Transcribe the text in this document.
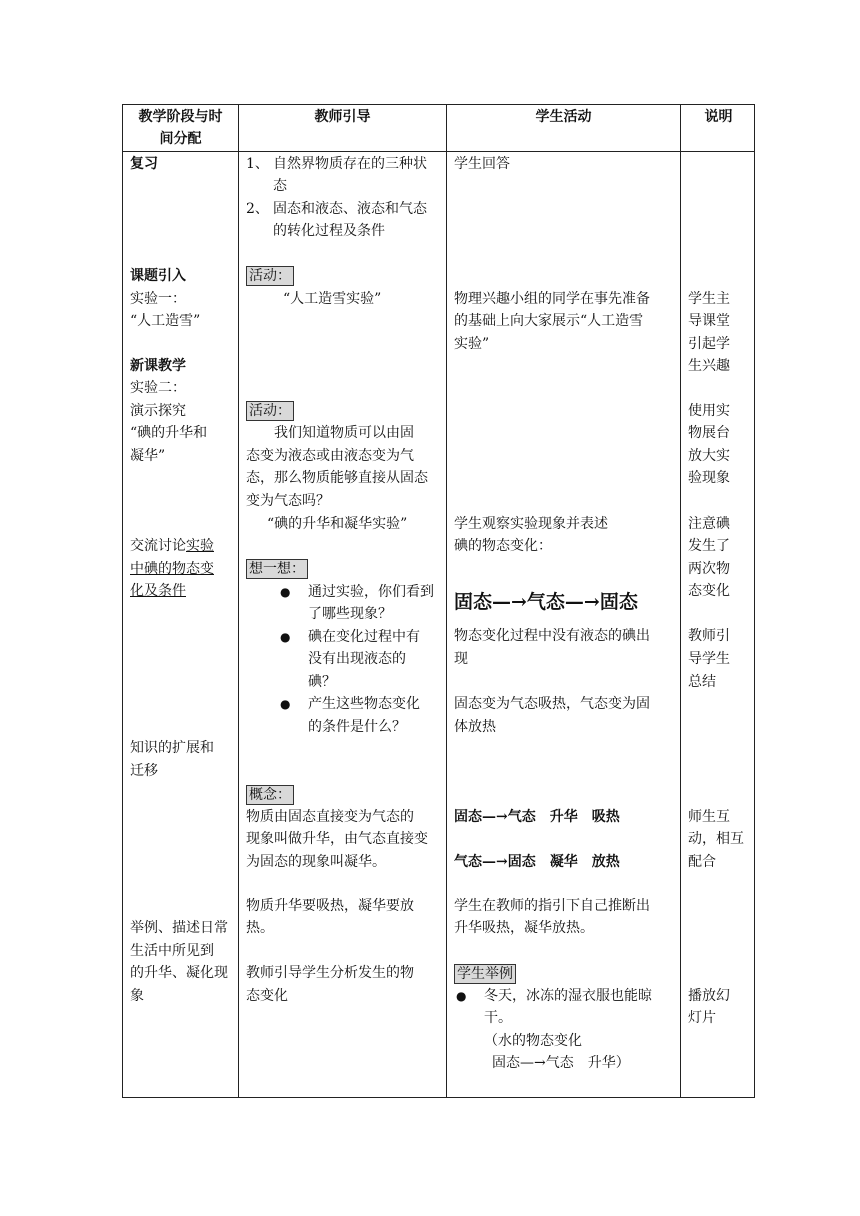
教学阶段与时
间分配
教师引导	学生活动	说明
复习
课题引入
实验一：
“人工造雪”
新课教学
实验二：
演示探究
“碘的升华和
凝华”
交流讨论实验
中碘的物态变
化及条件
知识的扩展和
迁移
举例、描述日常
生活中所见到
的升华、凝化现
象
1、 自然界物质存在的三种状
态
2、 固态和液态、液态和气态
的转化过程及条件
活动：
“人工造雪实验”
活动：
我们知道物质可以由固
态变为液态或由液态变为气
态，那么物质能够直接从固态
变为气态吗？
“碘的升华和凝华实验”
想一想：
● 通过实验，你们看到
了哪些现象？
● 碘在变化过程中有
没有出现液态的
碘？
● 产生这些物态变化
的条件是什么？
概念：
物质由固态直接变为气态的
现象叫做升华，由气态直接变
为固态的现象叫凝华。
物质升华要吸热，凝华要放
热。
教师引导学生分析发生的物
态变化
学生回答
物理兴趣小组的同学在事先准备
的基础上向大家展示“人工造雪
实验”
学生观察实验现象并表述
碘的物态变化：
固态—→气态—→固态
物态变化过程中没有液态的碘出
现
固态变为气态吸热，气态变为固
体放热
固态—→气态　升华　吸热
气态—→固态　凝华　放热
学生在教师的指引下自己推断出
升华吸热，凝华放热。
学生举例
● 冬天，冰冻的湿衣服也能晾
干。
（水的物态变化
固态—→气态　升华）
学生主
导课堂
引起学
生兴趣
使用实
物展台
放大实
验现象
注意碘
发生了
两次物
态变化
教师引
导学生
总结
师生互
动，相互
配合
播放幻
灯片
